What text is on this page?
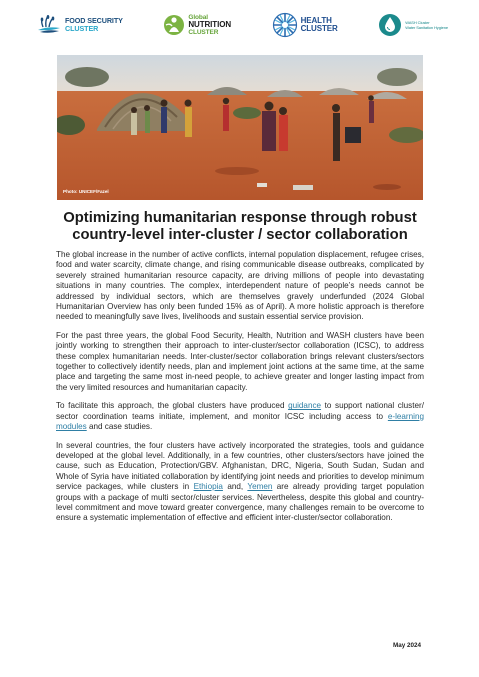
FOOD SECURITY
CLUSTER
Global
NUTRITION
CLUSTER
HEALTH
CLUSTER
WASH Cluster
Water Sanitation Hygiene
Photo: UNICEF/Fazel
Optimizing humanitarian response through robust
country-level inter-cluster / sector collaboration

The global increase in the number of active conflicts, internal population displacement, refugee crises, food and water scarcity, climate change, and rising communicable disease outbreaks, complicated by severely strained humanitarian resource capacity, are driving millions of people into devastating situations in many countries. The complex, interdependent nature of people’s needs cannot be addressed by individual sectors, which are themselves gravely underfunded (2024 Global Humanitarian Overview has only been funded 15% as of April). A more holistic approach is therefore needed to meaningfully save lives, livelihoods and sustain essential service provision.

For the past three years, the global Food Security, Health, Nutrition and WASH clusters have been jointly working to strengthen their approach to inter-cluster/sector collaboration (ICSC), to address these complex humanitarian needs. Inter-cluster/sector collaboration brings relevant clusters/sectors together to collectively identify needs, plan and implement joint actions at the same time, at the same place and targeting the same most in-need people, to achieve greater and longer lasting impact from the very limited resources and humanitarian capacity.

To facilitate this approach, the global clusters have produced guidance to support national cluster/ sector coordination teams initiate, implement, and monitor ICSC including access to e-learning modules and case studies.

In several countries, the four clusters have actively incorporated the strategies, tools and guidance developed at the global level. Additionally, in a few countries, other clusters/sectors have joined the cause, such as Education, Protection/GBV. Afghanistan, DRC, Nigeria, South Sudan, Sudan and Whole of Syria have initiated collaboration by identifying joint needs and priorities to develop minimum service packages, while clusters in Ethiopia and, Yemen are already providing target population groups with a package of multi sector/cluster services. Nevertheless, despite this global and country-level commitment and move toward greater convergence, many challenges remain to be overcome to ensure a systematic implementation of effective and efficient inter-cluster/sector collaboration.

May 2024
